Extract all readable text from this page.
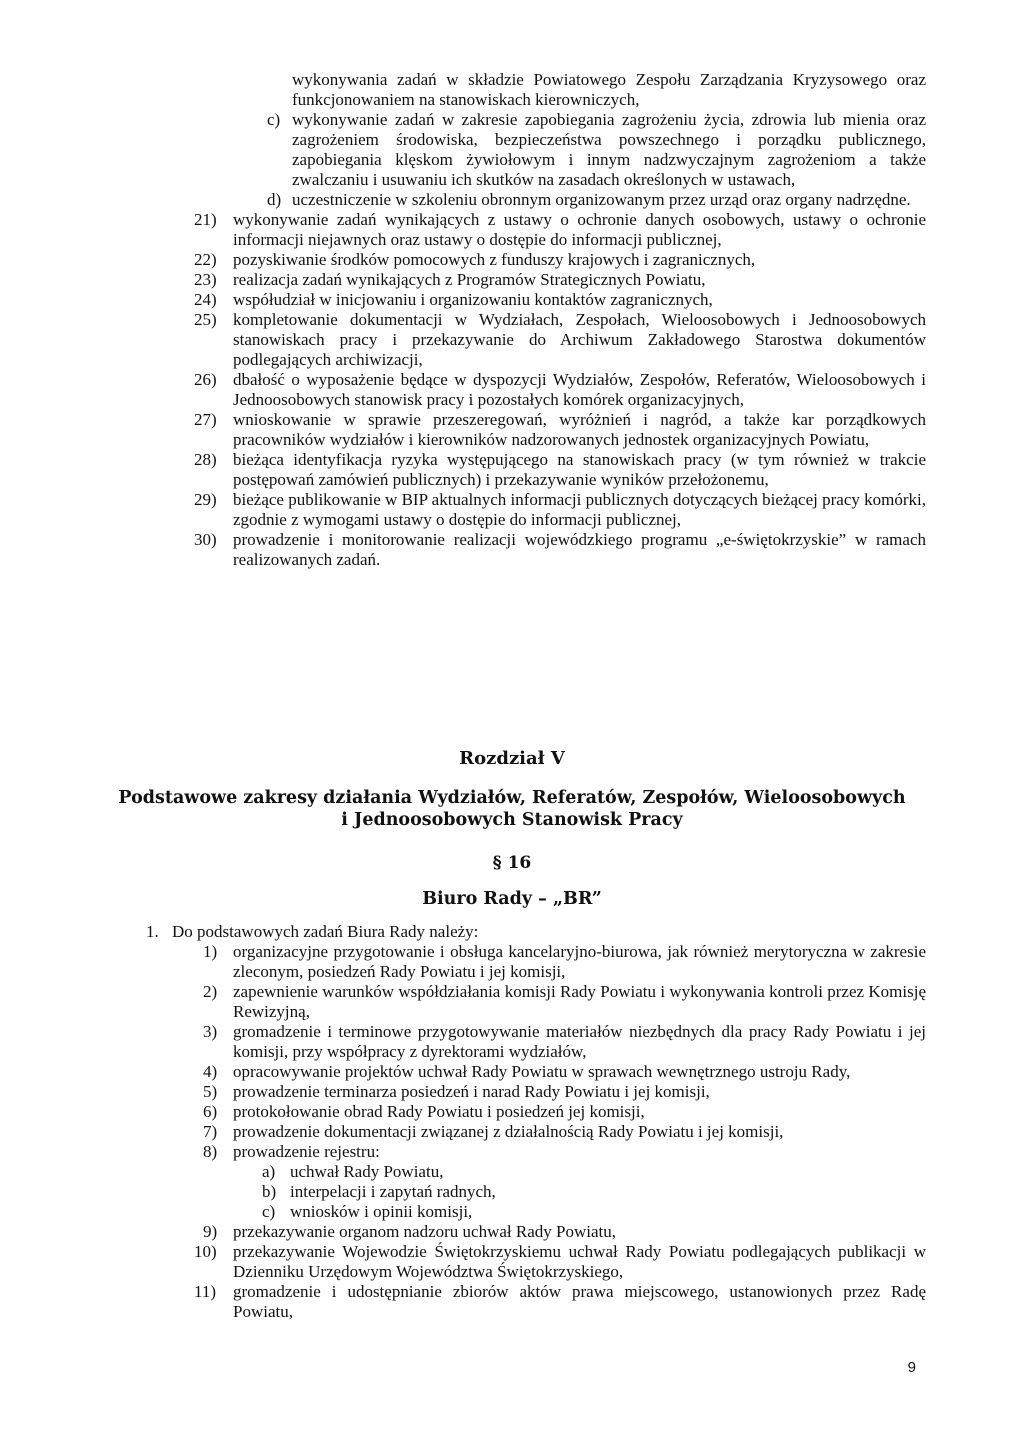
wykonywania zadań w składzie Powiatowego Zespołu Zarządzania Kryzysowego oraz funkcjonowaniem na stanowiskach kierowniczych,
c) wykonywanie zadań w zakresie zapobiegania zagrożeniu życia, zdrowia lub mienia oraz zagrożeniem środowiska, bezpieczeństwa powszechnego i porządku publicznego, zapobiegania klęskom żywiołowym i innym nadzwyczajnym zagrożeniom a także zwalczaniu i usuwaniu ich skutków na zasadach określonych w ustawach,
d) uczestniczenie w szkoleniu obronnym organizowanym przez urząd oraz organy nadrzędne.
21) wykonywanie zadań wynikających z ustawy o ochronie danych osobowych, ustawy o ochronie informacji niejawnych oraz ustawy o dostępie do informacji publicznej,
22) pozyskiwanie środków pomocowych z funduszy krajowych i zagranicznych,
23) realizacja zadań wynikających z Programów Strategicznych Powiatu,
24) współudział w inicjowaniu i organizowaniu kontaktów zagranicznych,
25) kompletowanie dokumentacji w Wydziałach, Zespołach, Wieloosobowych i Jednoosobowych stanowiskach pracy i przekazywanie do Archiwum Zakładowego Starostwa dokumentów podlegających archiwizacji,
26) dbałość o wyposażenie będące w dyspozycji Wydziałów, Zespołów, Referatów, Wieloosobowych i Jednoosobowych stanowisk pracy i pozostałych komórek organizacyjnych,
27) wnioskowanie w sprawie przeszeregowań, wyróżnień i nagród, a także kar porządkowych pracowników wydziałów i kierowników nadzorowanych jednostek organizacyjnych Powiatu,
28) bieżąca identyfikacja ryzyka występującego na stanowiskach pracy (w tym również w trakcie postępowań zamówień publicznych) i przekazywanie wyników przełożonemu,
29) bieżące publikowanie w BIP aktualnych informacji publicznych dotyczących bieżącej pracy komórki, zgodnie z wymogami ustawy o dostępie do informacji publicznej,
30) prowadzenie i monitorowanie realizacji wojewódzkiego programu „e-świętokrzyskie” w ramach realizowanych zadań.
Rozdział V
Podstawowe zakresy działania Wydziałów, Referatów, Zespołów, Wieloosobowych
i Jednoosobowych Stanowisk Pracy
§ 16
Biuro Rady – „BR”
1. Do podstawowych zadań Biura Rady należy:
1) organizacyjne przygotowanie i obsługa kancelaryjno-biurowa, jak również merytoryczna w zakresie zleconym, posiedzeń Rady Powiatu i jej komisji,
2) zapewnienie warunków współdziałania komisji Rady Powiatu i wykonywania kontroli przez Komisję Rewizyjną,
3) gromadzenie i terminowe przygotowywanie materiałów niezbędnych dla pracy Rady Powiatu i jej komisji, przy współpracy z dyrektorami wydziałów,
4) opracowywanie projektów uchwał Rady Powiatu w sprawach wewnętrznego ustroju Rady,
5) prowadzenie terminarza posiedzeń i narad Rady Powiatu i jej komisji,
6) protokołowanie obrad Rady Powiatu i posiedzeń jej komisji,
7) prowadzenie dokumentacji związanej z działalnością Rady Powiatu i jej komisji,
8) prowadzenie rejestru:
a) uchwał Rady Powiatu,
b) interpelacji i zapytań radnych,
c) wniosków i opinii komisji,
9) przekazywanie organom nadzoru uchwał Rady Powiatu,
10) przekazywanie Wojewodzie Świętokrzyskiemu uchwał Rady Powiatu podlegających publikacji w Dzienniku Urzędowym Województwa Świętokrzyskiego,
11) gromadzenie i udostępnianie zbiorów aktów prawa miejscowego, ustanowionych przez Radę Powiatu,
9
